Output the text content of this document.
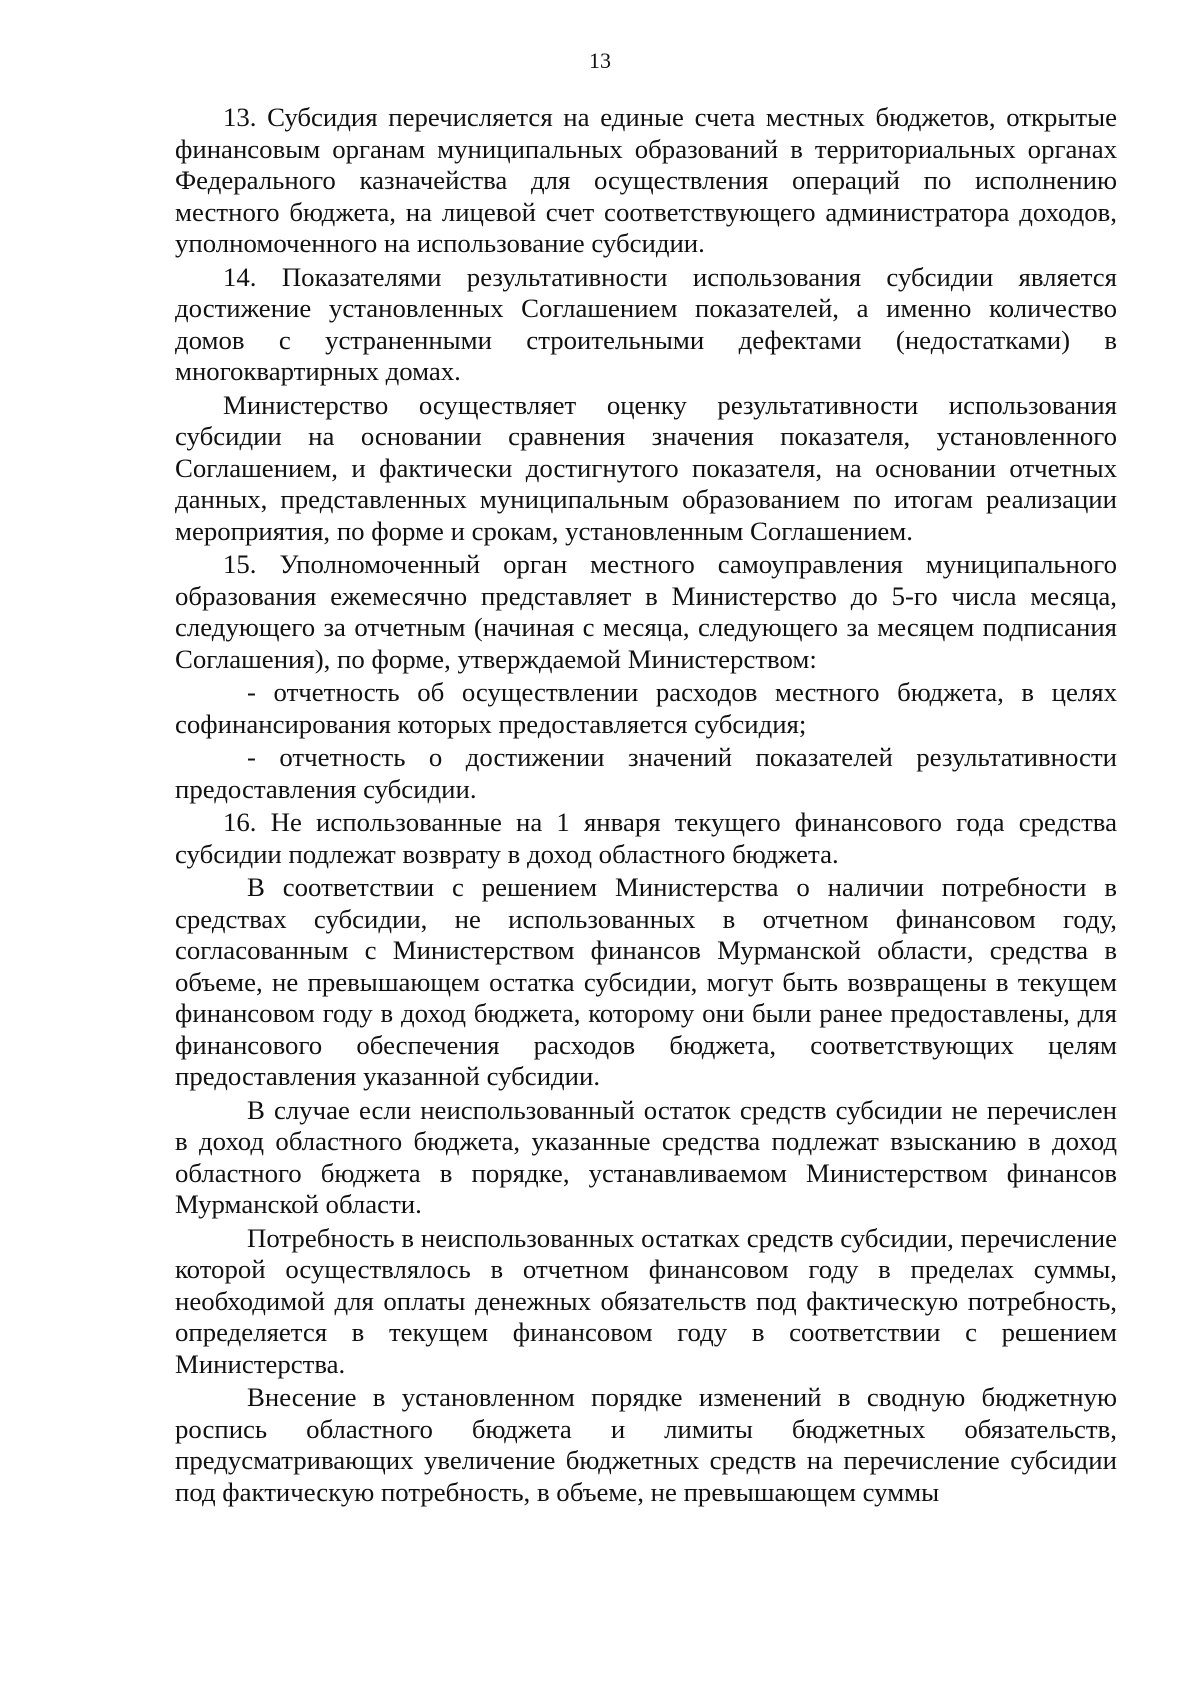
13

13. Субсидия перечисляется на единые счета местных бюджетов, открытые финансовым органам муниципальных образований в территориальных органах Федерального казначейства для осуществления операций по исполнению местного бюджета, на лицевой счет соответствующего администратора доходов, уполномоченного на использование субсидии.

14. Показателями результативности использования субсидии является достижение установленных Соглашением показателей, а именно количество домов с устраненными строительными дефектами (недостатками) в многоквартирных домах.

Министерство осуществляет оценку результативности использования субсидии на основании сравнения значения показателя, установленного Соглашением, и фактически достигнутого показателя, на основании отчетных данных, представленных муниципальным образованием по итогам реализации мероприятия, по форме и срокам, установленным Соглашением.

15. Уполномоченный орган местного самоуправления муниципального образования ежемесячно представляет в Министерство до 5-го числа месяца, следующего за отчетным (начиная с месяца, следующего за месяцем подписания Соглашения), по форме, утверждаемой Министерством:

- отчетность об осуществлении расходов местного бюджета, в целях софинансирования которых предоставляется субсидия;

- отчетность о достижении значений показателей результативности предоставления субсидии.

16. Не использованные на 1 января текущего финансового года средства субсидии подлежат возврату в доход областного бюджета.

В соответствии с решением Министерства о наличии потребности в средствах субсидии, не использованных в отчетном финансовом году, согласованным с Министерством финансов Мурманской области, средства в объеме, не превышающем остатка субсидии, могут быть возвращены в текущем финансовом году в доход бюджета, которому они были ранее предоставлены, для финансового обеспечения расходов бюджета, соответствующих целям предоставления указанной субсидии.

В случае если неиспользованный остаток средств субсидии не перечислен в доход областного бюджета, указанные средства подлежат взысканию в доход областного бюджета в порядке, устанавливаемом Министерством финансов Мурманской области.

Потребность в неиспользованных остатках средств субсидии, перечисление которой осуществлялось в отчетном финансовом году в пределах суммы, необходимой для оплаты денежных обязательств под фактическую потребность, определяется в текущем финансовом году в соответствии с решением Министерства.

Внесение в установленном порядке изменений в сводную бюджетную роспись областного бюджета и лимиты бюджетных обязательств, предусматривающих увеличение бюджетных средств на перечисление субсидии под фактическую потребность, в объеме, не превышающем суммы
